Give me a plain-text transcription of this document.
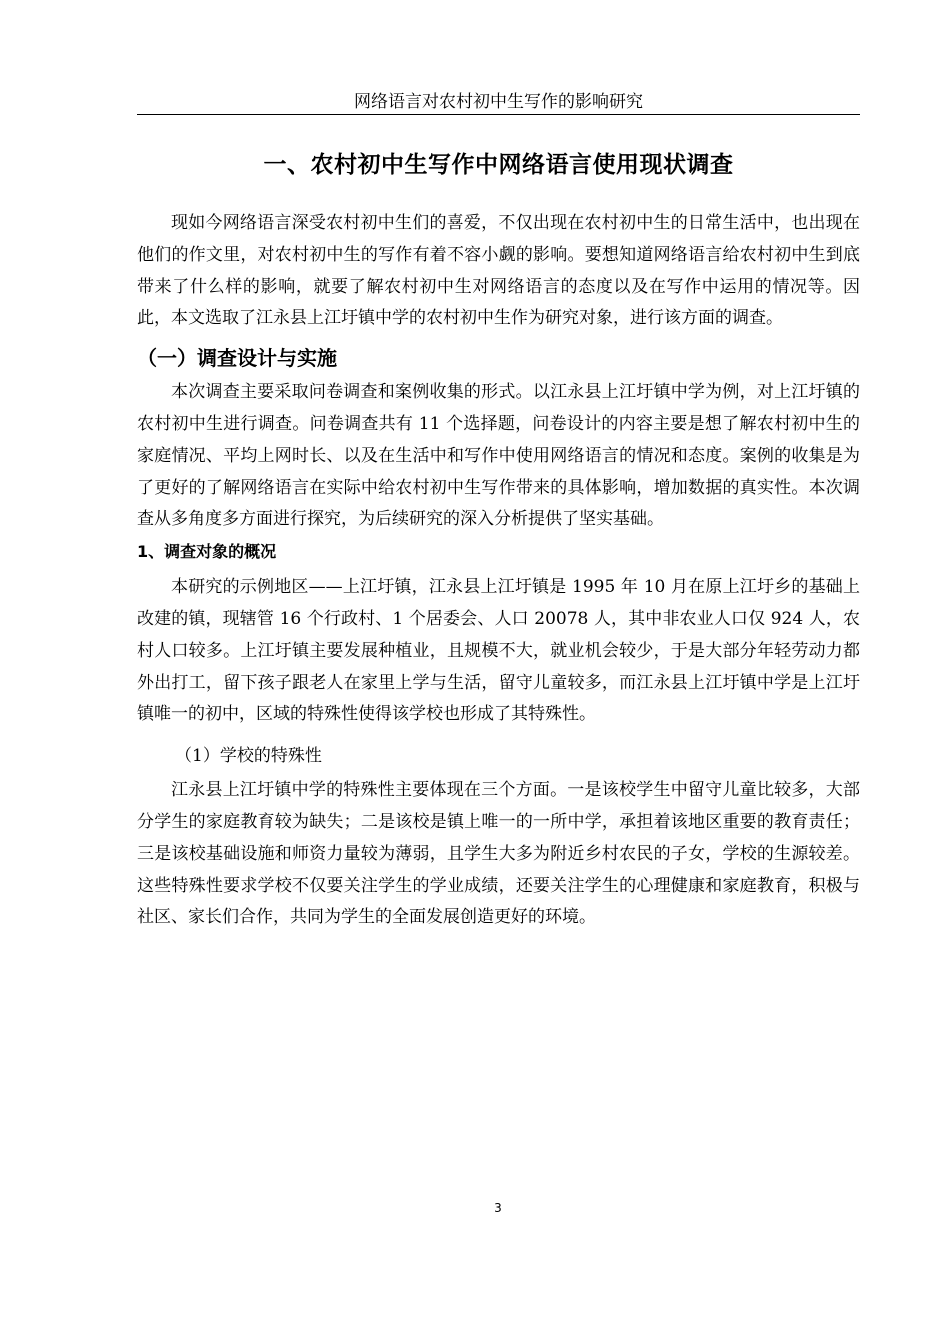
网络语言对农村初中生写作的影响研究
一、农村初中生写作中网络语言使用现状调查

现如今网络语言深受农村初中生们的喜爱，不仅出现在农村初中生的日常生活中，也出现在他们的作文里，对农村初中生的写作有着不容小觑的影响。要想知道网络语言给农村初中生到底带来了什么样的影响，就要了解农村初中生对网络语言的态度以及在写作中运用的情况等。因此，本文选取了江永县上江圩镇中学的农村初中生作为研究对象，进行该方面的调查。

（一）调查设计与实施

本次调查主要采取问卷调查和案例收集的形式。以江永县上江圩镇中学为例，对上江圩镇的农村初中生进行调查。问卷调查共有 11 个选择题，问卷设计的内容主要是想了解农村初中生的家庭情况、平均上网时长、以及在生活中和写作中使用网络语言的情况和态度。案例的收集是为了更好的了解网络语言在实际中给农村初中生写作带来的具体影响，增加数据的真实性。本次调查从多角度多方面进行探究，为后续研究的深入分析提供了坚实基础。

1、调查对象的概况

本研究的示例地区——上江圩镇，江永县上江圩镇是 1995 年 10 月在原上江圩乡的基础上改建的镇，现辖管 16 个行政村、1 个居委会、人口 20078 人，其中非农业人口仅 924 人，农村人口较多。上江圩镇主要发展种植业，且规模不大，就业机会较少，于是大部分年轻劳动力都外出打工，留下孩子跟老人在家里上学与生活，留守儿童较多，而江永县上江圩镇中学是上江圩镇唯一的初中，区域的特殊性使得该学校也形成了其特殊性。

（1）学校的特殊性

江永县上江圩镇中学的特殊性主要体现在三个方面。一是该校学生中留守儿童比较多，大部分学生的家庭教育较为缺失；二是该校是镇上唯一的一所中学，承担着该地区重要的教育责任；三是该校基础设施和师资力量较为薄弱，且学生大多为附近乡村农民的子女，学校的生源较差。这些特殊性要求学校不仅要关注学生的学业成绩，还要关注学生的心理健康和家庭教育，积极与社区、家长们合作，共同为学生的全面发展创造更好的环境。

3
